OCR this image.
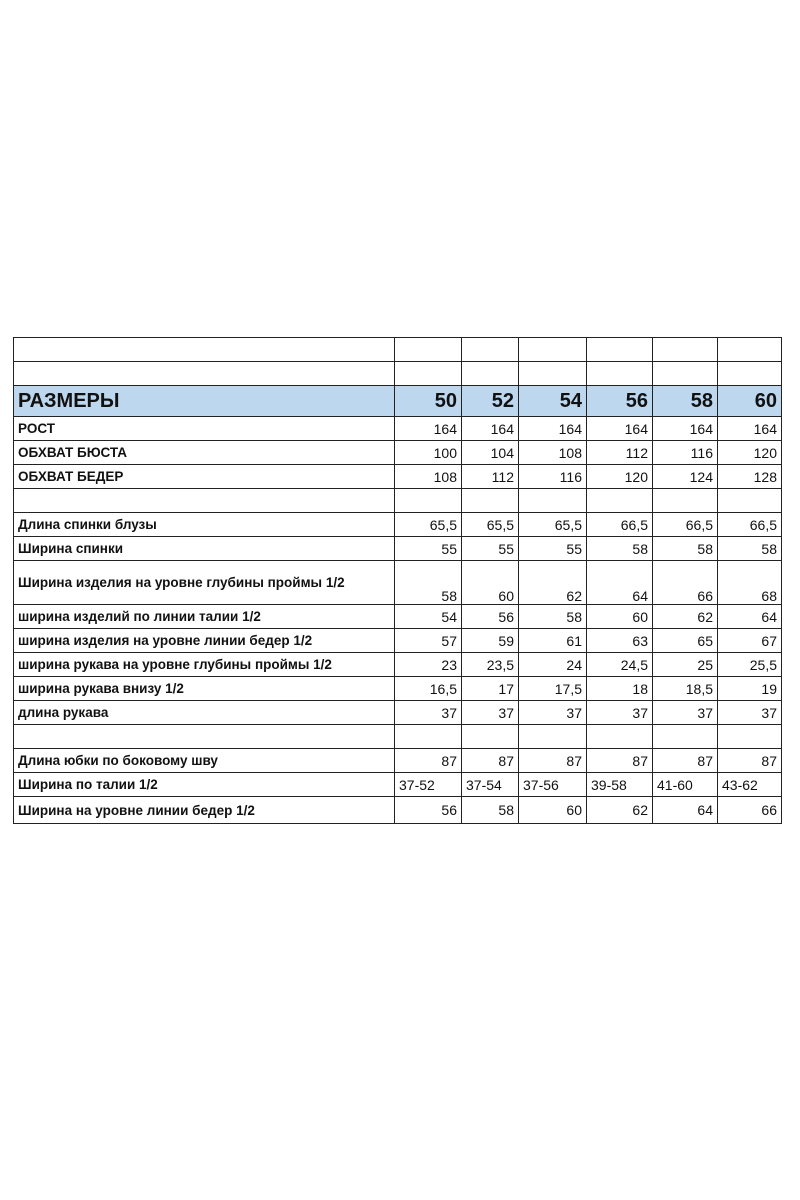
РАЗМЕРЫ	50	52	54	56	58	60
РОСТ	164	164	164	164	164	164
ОБХВАТ БЮСТА	100	104	108	112	116	120
ОБХВАТ БЕДЕР	108	112	116	120	124	128

Длина спинки блузы	65,5	65,5	65,5	66,5	66,5	66,5
Ширина спинки	55	55	55	58	58	58
Ширина изделия на уровне глубины проймы 1/2	58	60	62	64	66	68
ширина изделий по линии талии 1/2	54	56	58	60	62	64
ширина изделия на уровне линии бедер 1/2	57	59	61	63	65	67
ширина рукава на уровне глубины проймы 1/2	23	23,5	24	24,5	25	25,5
ширина рукава внизу 1/2	16,5	17	17,5	18	18,5	19
длина рукава	37	37	37	37	37	37

Длина юбки по боковому шву	87	87	87	87	87	87
Ширина по талии 1/2	37-52	37-54	37-56	39-58	41-60	43-62
Ширина на уровне линии бедер 1/2	56	58	60	62	64	66
